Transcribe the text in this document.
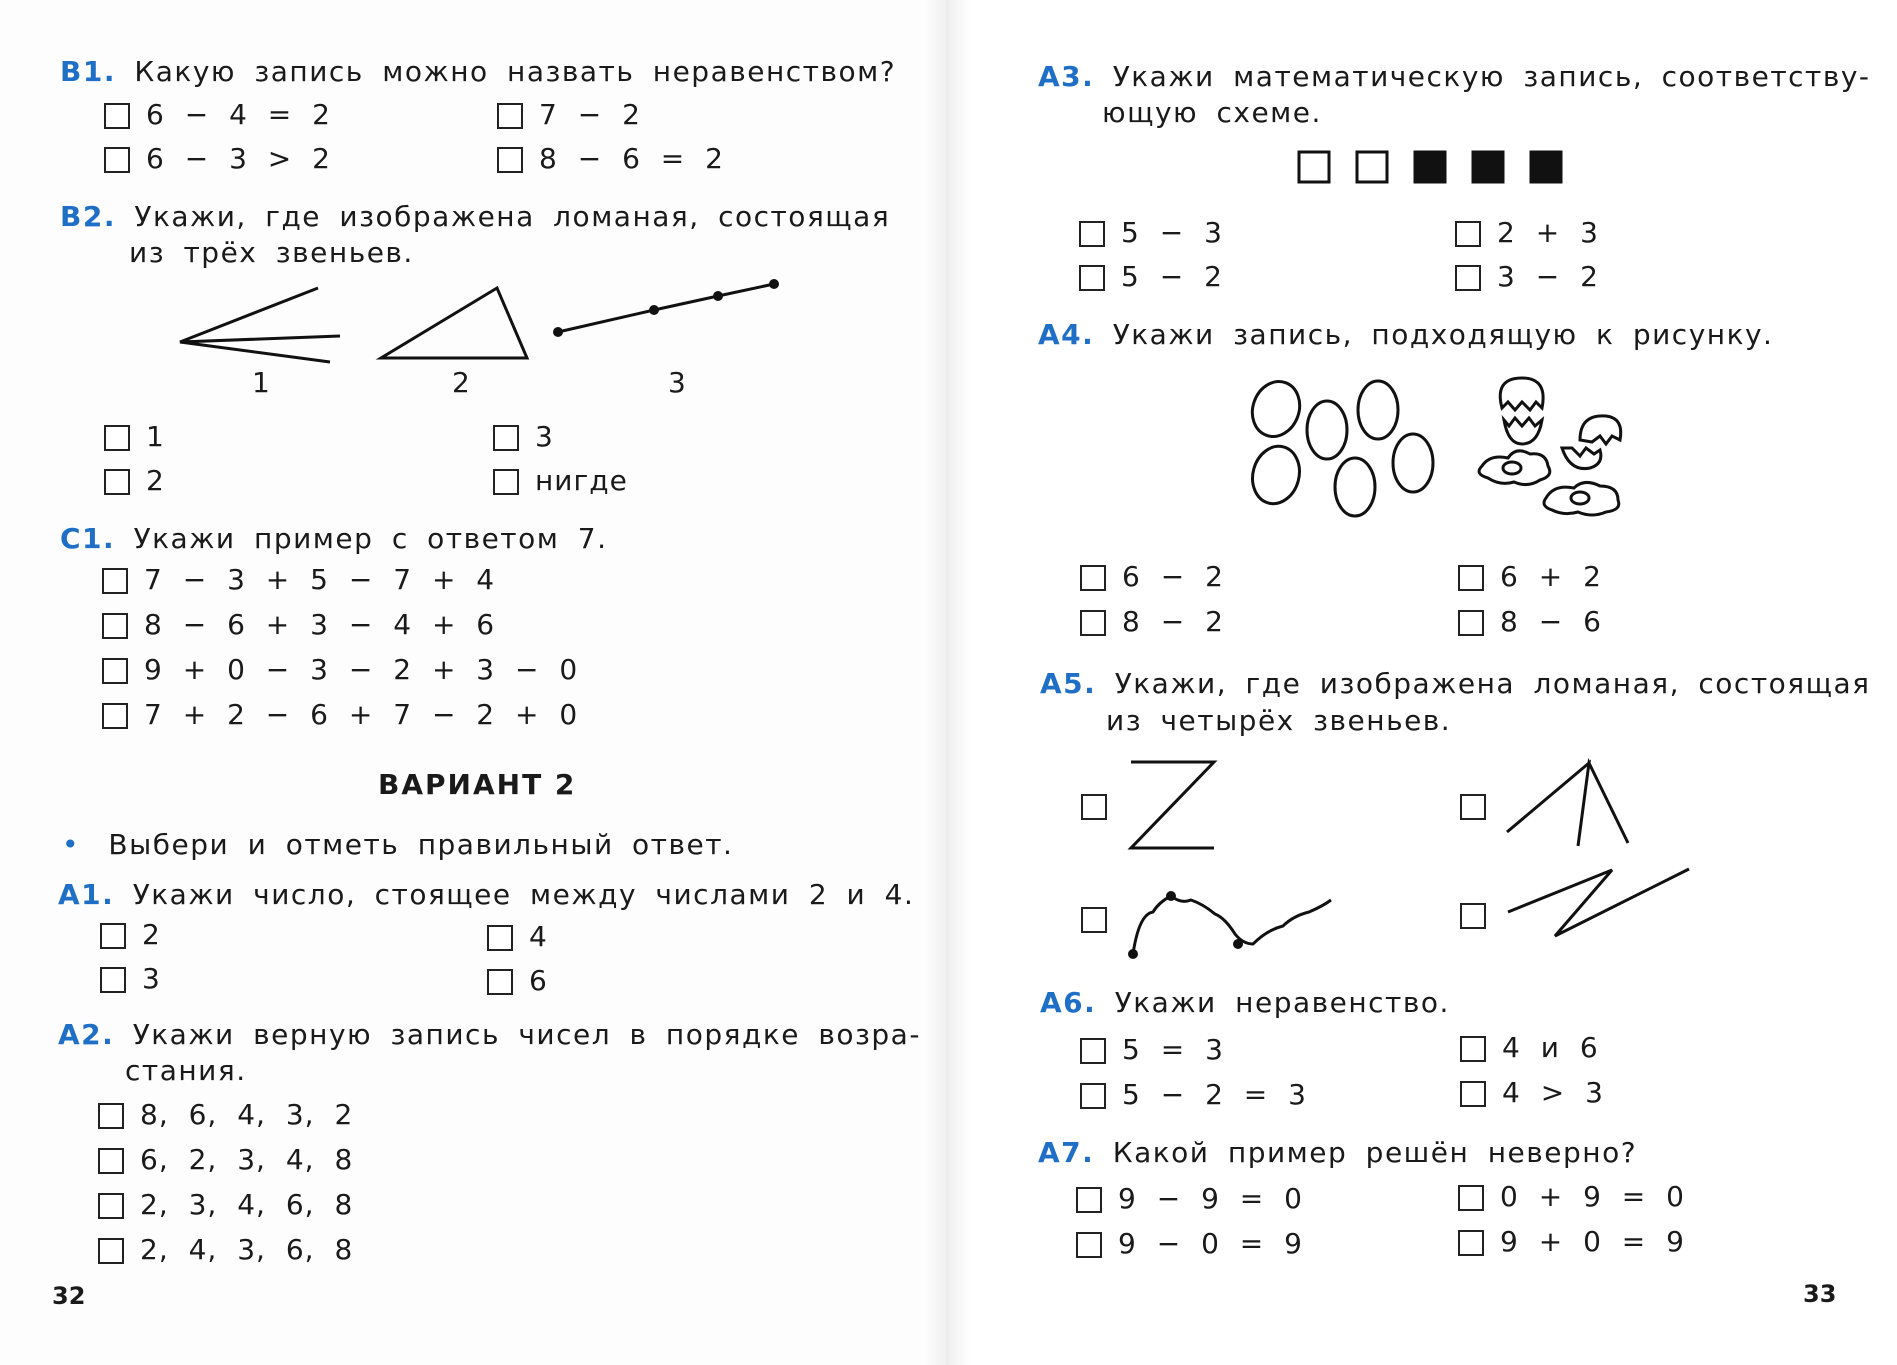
B1. Какую запись можно назвать неравенством?
6 − 4 = 2	7 − 2
6 − 3 > 2	8 − 6 = 2
B2. Укажи, где изображена ломаная, состоящая
из трёх звеньев.
1	2	3
1	3
2	нигде
C1. Укажи пример с ответом 7.
7 − 3 + 5 − 7 + 4
8 − 6 + 3 − 4 + 6
9 + 0 − 3 − 2 + 3 − 0
7 + 2 − 6 + 7 − 2 + 0
ВАРИАНТ 2
• Выбери и отметь правильный ответ.
A1. Укажи число, стоящее между числами 2 и 4.
2	4
3	6
A2. Укажи верную запись чисел в порядке возра-
стания.
8, 6, 4, 3, 2
6, 2, 3, 4, 8
2, 3, 4, 6, 8
2, 4, 3, 6, 8
32
A3. Укажи математическую запись, соответству-
ющую схеме.
5 − 3	2 + 3
5 − 2	3 − 2
A4. Укажи запись, подходящую к рисунку.
6 − 2	6 + 2
8 − 2	8 − 6
A5. Укажи, где изображена ломаная, состоящая
из четырёх звеньев.
A6. Укажи неравенство.
5 = 3	4 и 6
5 − 2 = 3	4 > 3
A7. Какой пример решён неверно?
9 − 9 = 0	0 + 9 = 0
9 − 0 = 9	9 + 0 = 9
33
